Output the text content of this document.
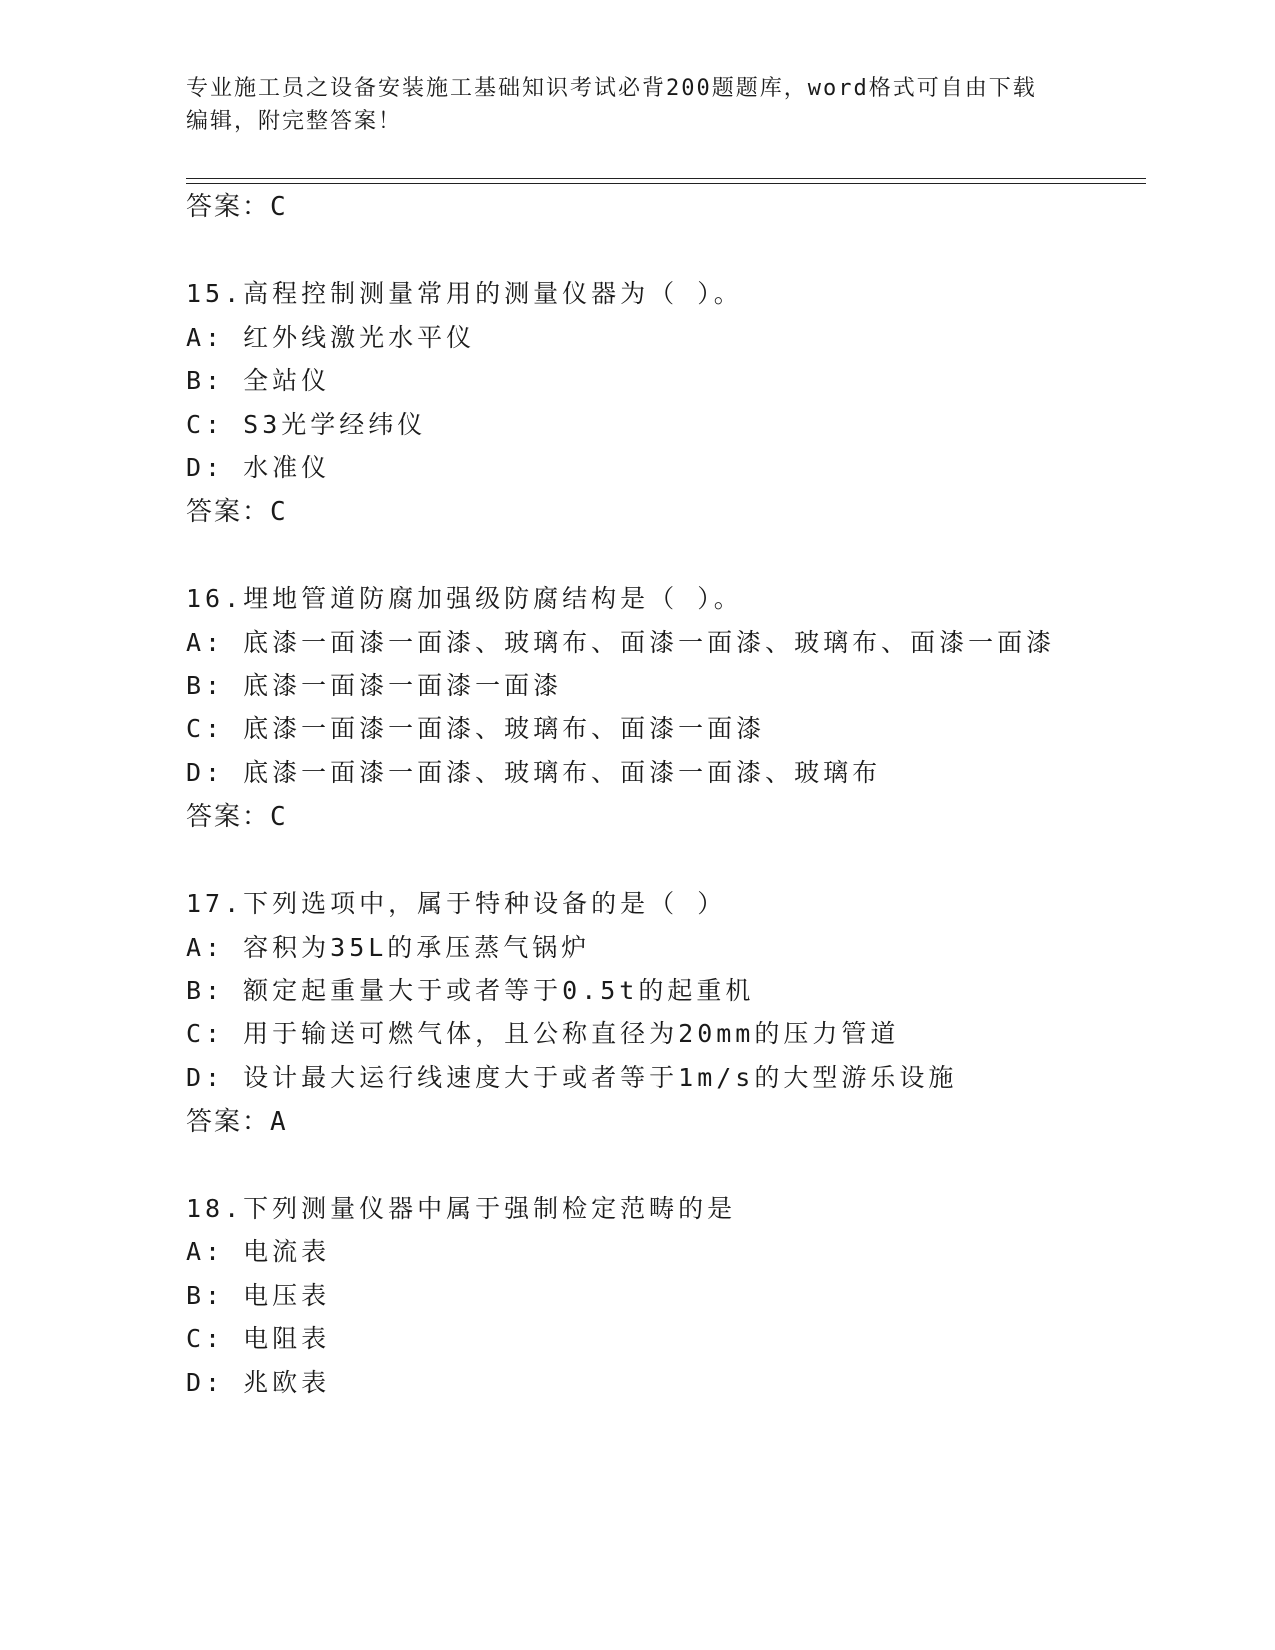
专业施工员之设备安装施工基础知识考试必背200题题库，word格式可自由下载
编辑，附完整答案！
答案：C
15.高程控制测量常用的测量仪器为（ ）。
A: 红外线激光水平仪
B: 全站仪
C: S3光学经纬仪
D: 水准仪
答案：C
16.埋地管道防腐加强级防腐结构是（ ）。
A: 底漆一面漆一面漆、玻璃布、面漆一面漆、玻璃布、面漆一面漆
B: 底漆一面漆一面漆一面漆
C: 底漆一面漆一面漆、玻璃布、面漆一面漆
D: 底漆一面漆一面漆、玻璃布、面漆一面漆、玻璃布
答案：C
17.下列选项中，属于特种设备的是（ ）
A: 容积为35L的承压蒸气锅炉
B: 额定起重量大于或者等于0.5t的起重机
C: 用于输送可燃气体，且公称直径为20mm的压力管道
D: 设计最大运行线速度大于或者等于1m/s的大型游乐设施
答案：A
18.下列测量仪器中属于强制检定范畴的是
A: 电流表
B: 电压表
C: 电阻表
D: 兆欧表
